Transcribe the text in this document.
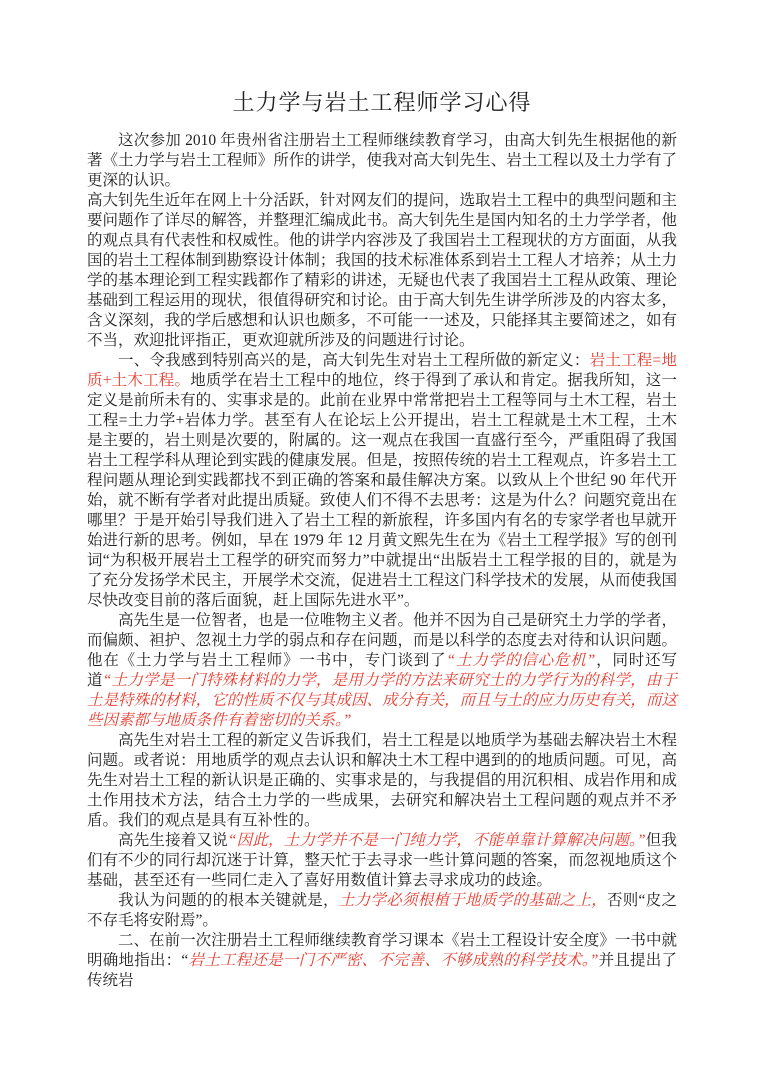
土力学与岩土工程师学习心得

这次参加 2010 年贵州省注册岩土工程师继续教育学习，由高大钊先生根据他的新著《土力学与岩土工程师》所作的讲学，使我对高大钊先生、岩土工程以及土力学有了更深的认识。

高大钊先生近年在网上十分活跃，针对网友们的提问，选取岩土工程中的典型问题和主要问题作了详尽的解答，并整理汇编成此书。高大钊先生是国内知名的土力学学者，他的观点具有代表性和权威性。他的讲学内容涉及了我国岩土工程现状的方方面面，从我国的岩土工程体制到勘察设计体制；我国的技术标准体系到岩土工程人才培养；从土力学的基本理论到工程实践都作了精彩的讲述，无疑也代表了我国岩土工程从政策、理论基础到工程运用的现状，很值得研究和讨论。由于高大钊先生讲学所涉及的内容太多，含义深刻，我的学后感想和认识也颇多，不可能一一述及，只能择其主要简述之，如有不当，欢迎批评指正，更欢迎就所涉及的问题进行讨论。

一、令我感到特别高兴的是，高大钊先生对岩土工程所做的新定义：岩土工程=地质+土木工程。地质学在岩土工程中的地位，终于得到了承认和肯定。据我所知，这一定义是前所未有的、实事求是的。此前在业界中常常把岩土工程等同与土木工程，岩土工程=土力学+岩体力学。甚至有人在论坛上公开提出，岩土工程就是土木工程，土木是主要的，岩土则是次要的，附属的。这一观点在我国一直盛行至今，严重阻碍了我国岩土工程学科从理论到实践的健康发展。但是，按照传统的岩土工程观点，许多岩土工程问题从理论到实践都找不到正确的答案和最佳解决方案。以致从上个世纪 90 年代开始，就不断有学者对此提出质疑。致使人们不得不去思考：这是为什么？问题究竟出在哪里？于是开始引导我们进入了岩土工程的新旅程，许多国内有名的专家学者也早就开始进行新的思考。例如，早在 1979 年 12 月黄文熙先生在为《岩土工程学报》写的创刊词“为积极开展岩土工程学的研究而努力”中就提出“出版岩土工程学报的目的，就是为了充分发扬学术民主，开展学术交流，促进岩土工程这门科学技术的发展，从而使我国尽快改变目前的落后面貌，赶上国际先进水平”。

高先生是一位智者，也是一位唯物主义者。他并不因为自己是研究土力学的学者，而偏颇、袒护、忽视土力学的弱点和存在问题，而是以科学的态度去对待和认识问题。他在《土力学与岩土工程师》一书中，专门谈到了“土力学的信心危机”，同时还写道“土力学是一门特殊材料的力学，是用力学的方法来研究土的力学行为的科学，由于土是特殊的材料，它的性质不仅与其成因、成分有关，而且与土的应力历史有关，而这些因素都与地质条件有着密切的关系。”

高先生对岩土工程的新定义告诉我们，岩土工程是以地质学为基础去解决岩土木程问题。或者说：用地质学的观点去认识和解决土木工程中遇到的的地质问题。可见，高先生对岩土工程的新认识是正确的、实事求是的，与我提倡的用沉积相、成岩作用和成土作用技术方法，结合土力学的一些成果，去研究和解决岩土工程问题的观点并不矛盾。我们的观点是具有互补性的。

高先生接着又说“因此，土力学并不是一门纯力学，不能单靠计算解决问题。”但我们有不少的同行却沉迷于计算，整天忙于去寻求一些计算问题的答案，而忽视地质这个基础，甚至还有一些同仁走入了喜好用数值计算去寻求成功的歧途。

我认为问题的的根本关键就是，土力学必须根植于地质学的基础之上，否则“皮之不存毛将安附焉”。

二、在前一次注册岩土工程师继续教育学习课本《岩土工程设计安全度》一书中就明确地指出：“岩土工程还是一门不严密、不完善、不够成熟的科学技术。”并且提出了传统岩
